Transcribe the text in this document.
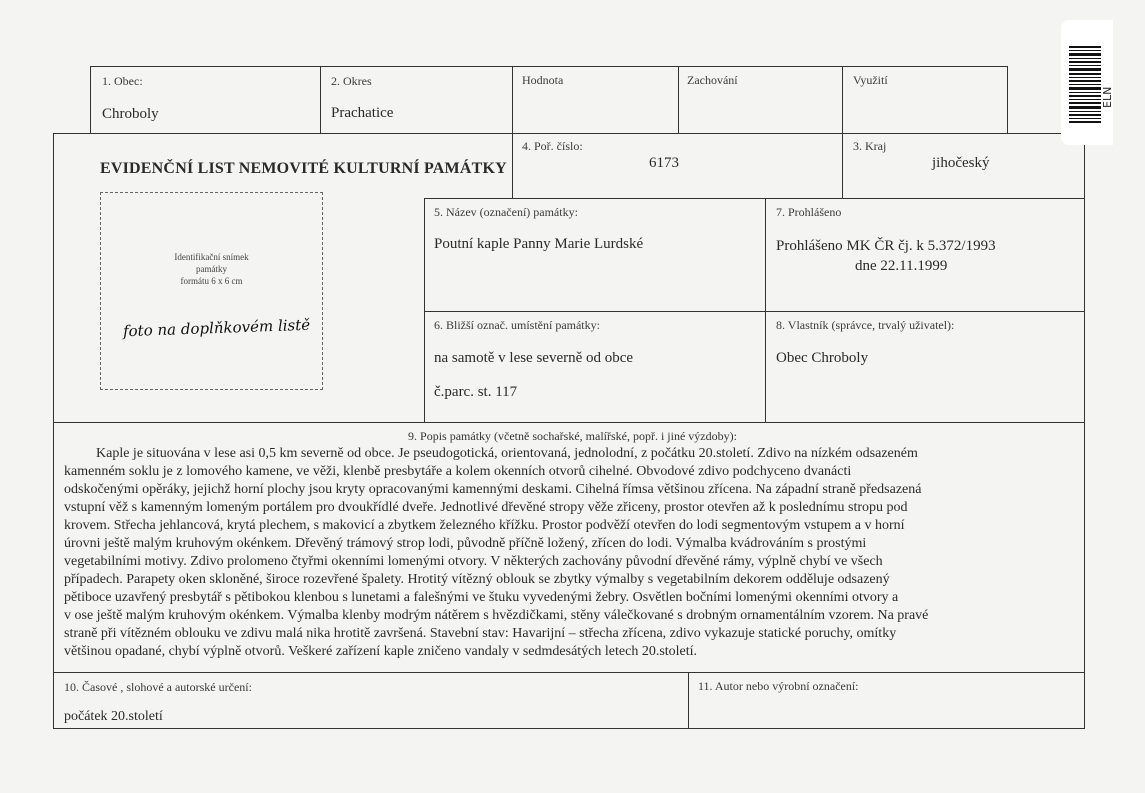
1. Obec:
Chroboly
2. Okres
Prachatice
Hodnota	Zachování	Využití
EVIDENČNÍ LIST NEMOVITÉ KULTURNÍ PAMÁTKY
4. Poř. číslo:
6173
3. Kraj
jihočeský
Identifikační snímek
památky
formátu 6 x 6 cm
foto na doplňkovém listě
5. Název (označení) památky:
Poutní kaple Panny Marie Lurdské
7. Prohlášeno
Prohlášeno MK ČR čj. k 5.372/1993
dne 22.11.1999
6. Bližší označ. umístění památky:
na samotě v lese severně od obce
č.parc. st. 117
8. Vlastník (správce, trvalý uživatel):
Obec Chroboly
9. Popis památky (včetně sochařské, malířské, popř. i jiné výzdoby):
Kaple je situována v lese asi 0,5 km severně od obce. Je pseudogotická, orientovaná, jednolodní, z počátku 20.století. Zdivo na nízkém odsazeném
kamenném soklu je z lomového kamene, ve věži, klenbě presbytáře a kolem okenních otvorů cihelné. Obvodové zdivo podchyceno dvanácti
odskočenými opěráky, jejichž horní plochy jsou kryty opracovanými kamennými deskami. Cihelná římsa většinou zřícena. Na západní straně předsazená
vstupní věž s kamenným lomeným portálem pro dvoukřídlé dveře. Jednotlivé dřevěné stropy věže zřiceny, prostor otevřen až k poslednímu stropu pod
krovem. Střecha jehlancová, krytá plechem, s makovicí a zbytkem železného křížku. Prostor podvěží otevřen do lodi segmentovým vstupem a v horní
úrovni ještě malým kruhovým okénkem. Dřevěný trámový strop lodi, původně příčně ložený, zřícen do lodi. Výmalba kvádrováním s prostými
vegetabilními motivy. Zdivo prolomeno čtyřmi okenními lomenými otvory. V některých zachovány původní dřevěné rámy, výplně chybí ve všech
případech. Parapety oken skloněné, široce rozevřené špalety. Hrotitý vítězný oblouk se zbytky výmalby s vegetabilním dekorem odděluje odsazený
pětiboce uzavřený presbytář s pětibokou klenbou s lunetami a falešnými ve štuku vyvedenými žebry. Osvětlen bočními lomenými okenními otvory a
v ose ještě malým kruhovým okénkem. Výmalba klenby modrým nátěrem s hvězdičkami, stěny válečkované s drobným ornamentálním vzorem. Na pravé
straně při vítězném oblouku ve zdivu malá nika hrotitě završená. Stavební stav: Havarijní – střecha zřícena, zdivo vykazuje statické poruchy, omítky
většinou opadané, chybí výplně otvorů. Veškeré zařízení kaple zničeno vandaly v sedmdesátých letech 20.století.
10. Časové , slohové a autorské určení:
počátek 20.století
11. Autor nebo výrobní označení:
ELN
